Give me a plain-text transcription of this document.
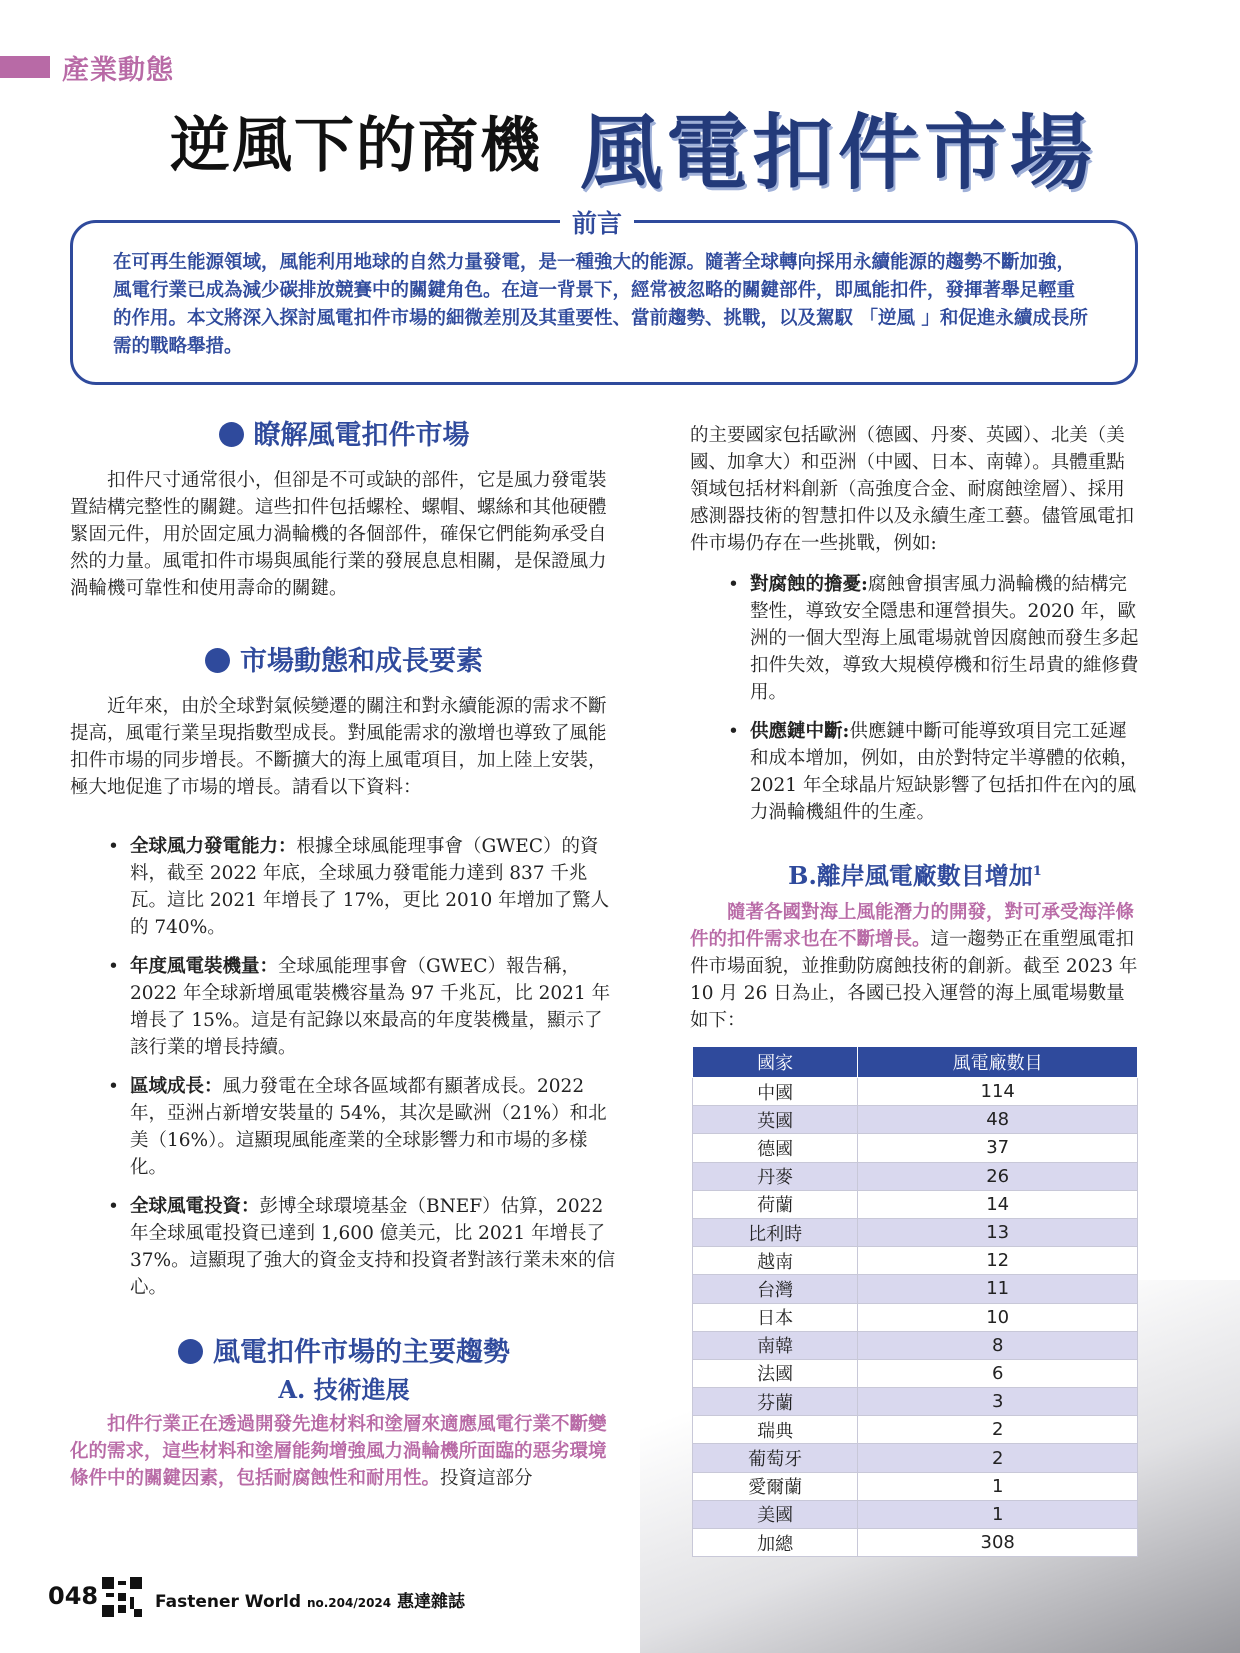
產業動態
逆風下的商機 風電扣件市場
前言
在可再生能源領域，風能利用地球的自然力量發電，是一種強大的能源。隨著全球轉向採用永續能源的趨勢不斷加強，風電行業已成為減少碳排放競賽中的關鍵角色。在這一背景下，經常被忽略的關鍵部件，即風能扣件，發揮著舉足輕重的作用。本文將深入探討風電扣件市場的細微差別及其重要性、當前趨勢、挑戰，以及駕馭 「逆風 」和促進永續成長所需的戰略舉措。
瞭解風電扣件市場

扣件尺寸通常很小，但卻是不可或缺的部件，它是風力發電裝置結構完整性的關鍵。這些扣件包括螺栓、螺帽、螺絲和其他硬體緊固元件，用於固定風力渦輪機的各個部件，確保它們能夠承受自然的力量。風電扣件市場與風能行業的發展息息相關，是保證風力渦輪機可靠性和使用壽命的關鍵。

市場動態和成長要素

近年來，由於全球對氣候變遷的關注和對永續能源的需求不斷提高，風電行業呈現指數型成長。對風能需求的激增也導致了風能扣件市場的同步增長。不斷擴大的海上風電項目，加上陸上安裝，極大地促進了市場的增長。請看以下資料：

• 全球風力發電能力：根據全球風能理事會（GWEC）的資料，截至 2022 年底，全球風力發電能力達到 837 千兆瓦。這比 2021 年增長了 17%，更比 2010 年增加了驚人的 740%。
• 年度風電裝機量：全球風能理事會（GWEC）報告稱，2022 年全球新增風電裝機容量為 97 千兆瓦，比 2021 年增長了 15%。這是有記錄以來最高的年度裝機量，顯示了該行業的增長持續。
• 區域成長：風力發電在全球各區域都有顯著成長。2022 年，亞洲占新增安裝量的 54%，其次是歐洲（21%）和北美（16%）。這顯現風能產業的全球影響力和市場的多樣化。
• 全球風電投資：彭博全球環境基金（BNEF）估算，2022 年全球風電投資已達到 1,600 億美元，比 2021 年增長了 37%。這顯現了強大的資金支持和投資者對該行業未來的信心。
風電扣件市場的主要趨勢
A. 技術進展

扣件行業正在透過開發先進材料和塗層來適應風電行業不斷變化的需求，這些材料和塗層能夠增強風力渦輪機所面臨的惡劣環境條件中的關鍵因素，包括耐腐蝕性和耐用性。投資這部分

的主要國家包括歐洲（德國、丹麥、英國）、北美（美國、加拿大）和亞洲（中國、日本、南韓）。具體重點領域包括材料創新（高強度合金、耐腐蝕塗層）、採用感測器技術的智慧扣件以及永續生產工藝。儘管風電扣件市場仍存在一些挑戰，例如:

• 對腐蝕的擔憂:腐蝕會損害風力渦輪機的結構完整性，導致安全隱患和運營損失。2020 年，歐洲的一個大型海上風電場就曾因腐蝕而發生多起扣件失效，導致大規模停機和衍生昂貴的維修費用。
• 供應鏈中斷:供應鏈中斷可能導致項目完工延遲和成本增加，例如，由於對特定半導體的依賴，2021 年全球晶片短缺影響了包括扣件在內的風力渦輪機組件的生產。
B.離岸風電廠數目增加$^1$

隨著各國對海上風能潛力的開發，對可承受海洋條件的扣件需求也在不斷增長。這一趨勢正在重塑風電扣件市場面貌，並推動防腐蝕技術的創新。截至 2023 年 10 月 26 日為止，各國已投入運營的海上風電場數量如下：

國家	風電廠數目
中國	114
英國	48
德國	37
丹麥	26
荷蘭	14
比利時	13
越南	12
台灣	11
日本	10
南韓	8
法國	6
芬蘭	3
瑞典	2
葡萄牙	2
愛爾蘭	1
美國	1
加總	308
048	Fastener World no.204/2024 惠達雜誌
